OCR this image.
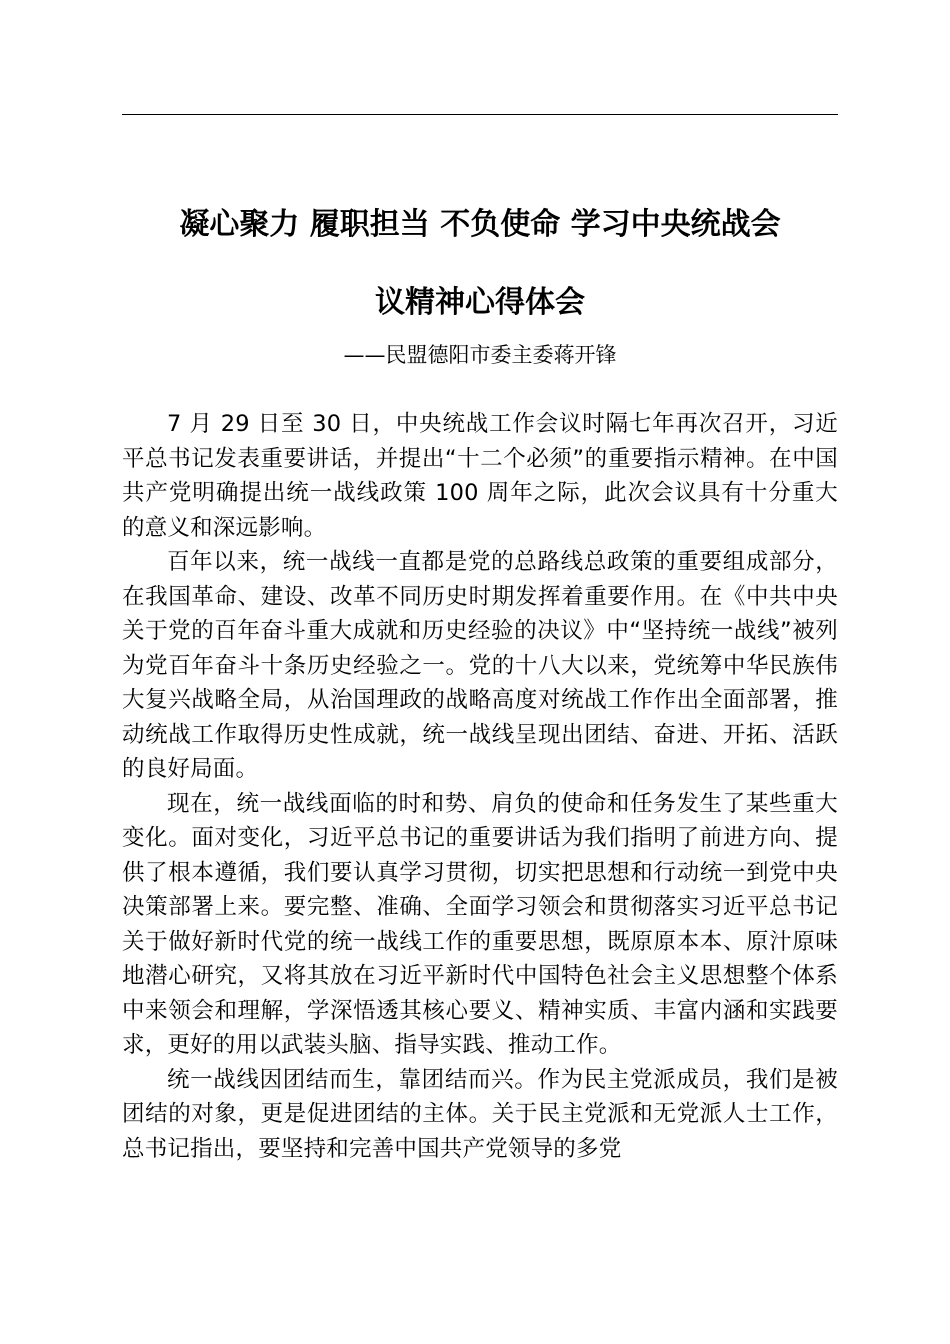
凝心聚力 履职担当 不负使命 学习中央统战会
议精神心得体会
——民盟德阳市委主委蒋开锋

7 月 29 日至 30 日，中央统战工作会议时隔七年再次召开，习近平总书记发表重要讲话，并提出“十二个必须”的重要指示精神。在中国共产党明确提出统一战线政策 100 周年之际，此次会议具有十分重大的意义和深远影响。

百年以来，统一战线一直都是党的总路线总政策的重要组成部分，在我国革命、建设、改革不同历史时期发挥着重要作用。在《中共中央关于党的百年奋斗重大成就和历史经验的决议》中“坚持统一战线”被列为党百年奋斗十条历史经验之一。党的十八大以来，党统筹中华民族伟大复兴战略全局，从治国理政的战略高度对统战工作作出全面部署，推动统战工作取得历史性成就，统一战线呈现出团结、奋进、开拓、活跃的良好局面。

现在，统一战线面临的时和势、肩负的使命和任务发生了某些重大变化。面对变化，习近平总书记的重要讲话为我们指明了前进方向、提供了根本遵循，我们要认真学习贯彻，切实把思想和行动统一到党中央决策部署上来。要完整、准确、全面学习领会和贯彻落实习近平总书记关于做好新时代党的统一战线工作的重要思想，既原原本本、原汁原味地潜心研究，又将其放在习近平新时代中国特色社会主义思想整个体系中来领会和理解，学深悟透其核心要义、精神实质、丰富内涵和实践要求，更好的用以武装头脑、指导实践、推动工作。

统一战线因团结而生，靠团结而兴。作为民主党派成员，我们是被团结的对象，更是促进团结的主体。关于民主党派和无党派人士工作，总书记指出，要坚持和完善中国共产党领导的多党
